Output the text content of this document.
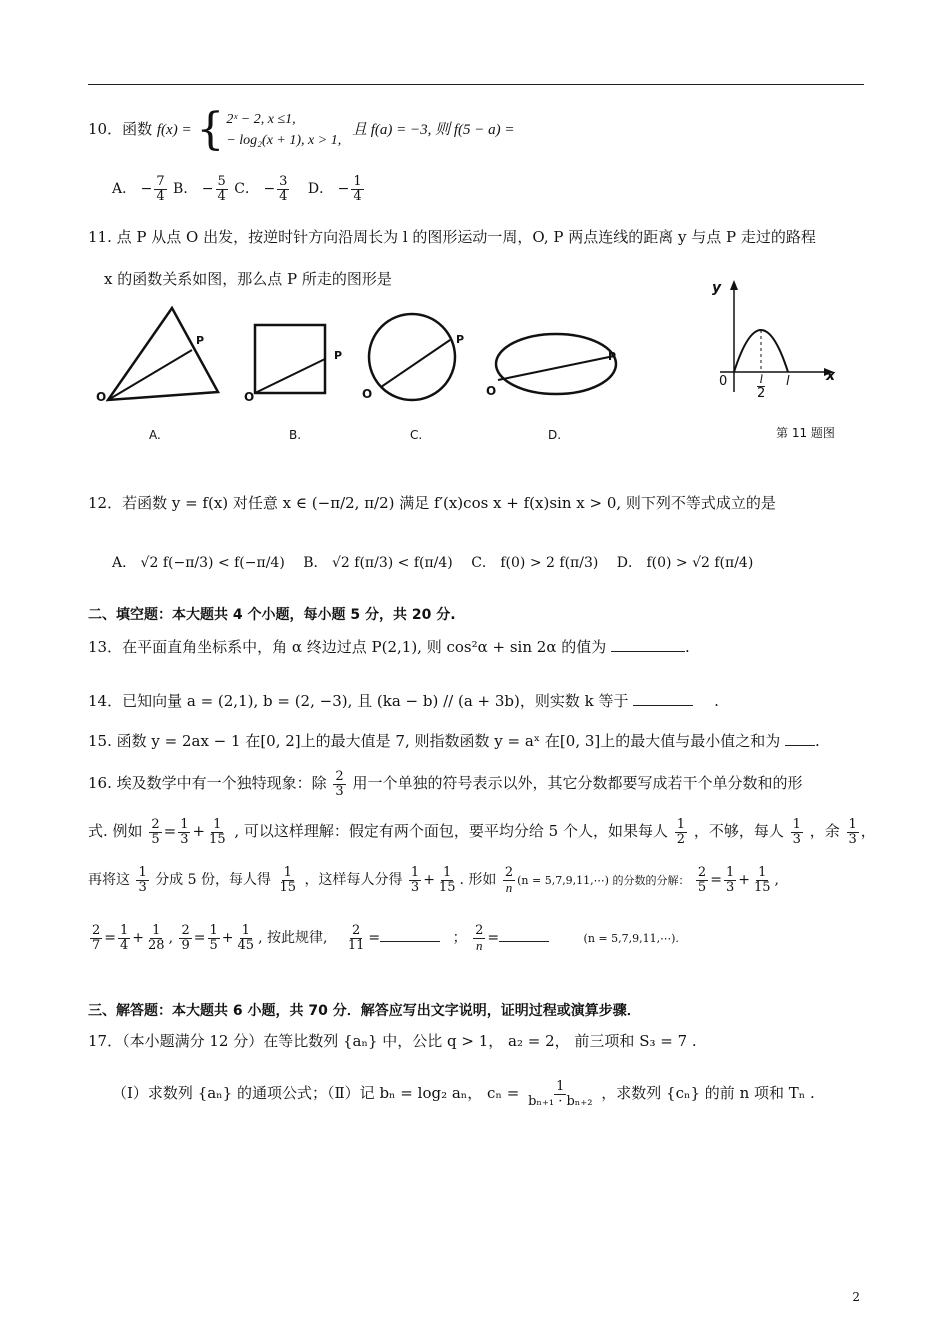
10．函数 f(x) = { 2ˣ − 2, x ≤1,
− log₂(x + 1), x > 1,
且 f(a) = −3, 则 f(5 − a) =
A． − $\frac{7}{4}$ B． − $\frac{5}{4}$ C． − $\frac{3}{4}$ D． − $\frac{1}{4}$
11. 点 P 从点 O 出发，按逆时针方向沿周长为 l 的图形运动一周，O, P 两点连线的距离 y 与点 P 走过的路程
x 的函数关系如图，那么点 P 所走的图形是
O
P
O
P
O
P
O
P
A.	B.	C.	D.
y
x
$0 \frac{l}{2}$ l
第 11 题图
12．若函数 y = f(x) 对任意 x ∈ (−π/2, π/2) 满足 f′(x)cos x + f(x)sin x > 0, 则下列不等式成立的是
A． √2 f(−π/3) < f(−π/4) B． √2 f(π/3) < f(π/4) C． f(0) > 2 f(π/3) D． f(0) > √2 f(π/4)
二、填空题：本大题共 4 个小题，每小题 5 分，共 20 分.
13．在平面直角坐标系中，角 α 终边过点 P(2,1), 则 cos²α + sin 2α 的值为	.
14．已知向量 a = (2,1), b = (2, −3), 且 (ka − b) // (a + 3b)，则实数 k 等于	.
15. 函数 y = 2ax − 1 在[0, 2]上的最大值是 7, 则指数函数 y = aˣ 在[0, 3]上的最大值与最小值之和为 .
16. 埃及数学中有一个独特现象：除 $\frac{2}{3}$ 用一个单独的符号表示以外，其它分数都要写成若干个单分数和的形
式. 例如 $\frac{2}{5} = \frac{1}{3} + \frac{1}{15}$ , 可以这样理解：假定有两个面包，要平均分给 5 个人，如果每人 $\frac{1}{2}$ ，不够，每人 $\frac{1}{3}$ ，余 $\frac{1}{3}$ ，
再将这 $\frac{1}{3}$ 分成 5 份，每人得 $\frac{1}{15}$ ，这样每人分得 $\frac{1}{3} + \frac{1}{15}$ . 形如 $\frac{2}{n} (n$ = 5,7,9,11,⋯) 的分数的分解： $\frac{2}{5} = \frac{1}{3} + \frac{1}{15}$ ,
$\frac{2}{7} = \frac{1}{4} + \frac{1}{28}$ , $\frac{2}{9} = \frac{1}{5} + \frac{1}{45}$ , 按此规律, $\frac{2}{11}$ =	； $\frac{2}{n}$ =	(n = 5,7,9,11,⋯).
三、解答题：本大题共 6 小题，共 70 分．解答应写出文字说明，证明过程或演算步骤．
17．（本小题满分 12 分）在等比数列 {aₙ} 中，公比 q > 1， a₂ = 2， 前三项和 S₃ = 7 .
（Ⅰ）求数列 {aₙ} 的通项公式；（Ⅱ）记 bₙ = log₂ aₙ， $c_n = \frac{1}{\text{bₙ₊₁ · bₙ₊₂}}$ ，求数列 {cₙ} 的前 n 项和 Tₙ .
2
